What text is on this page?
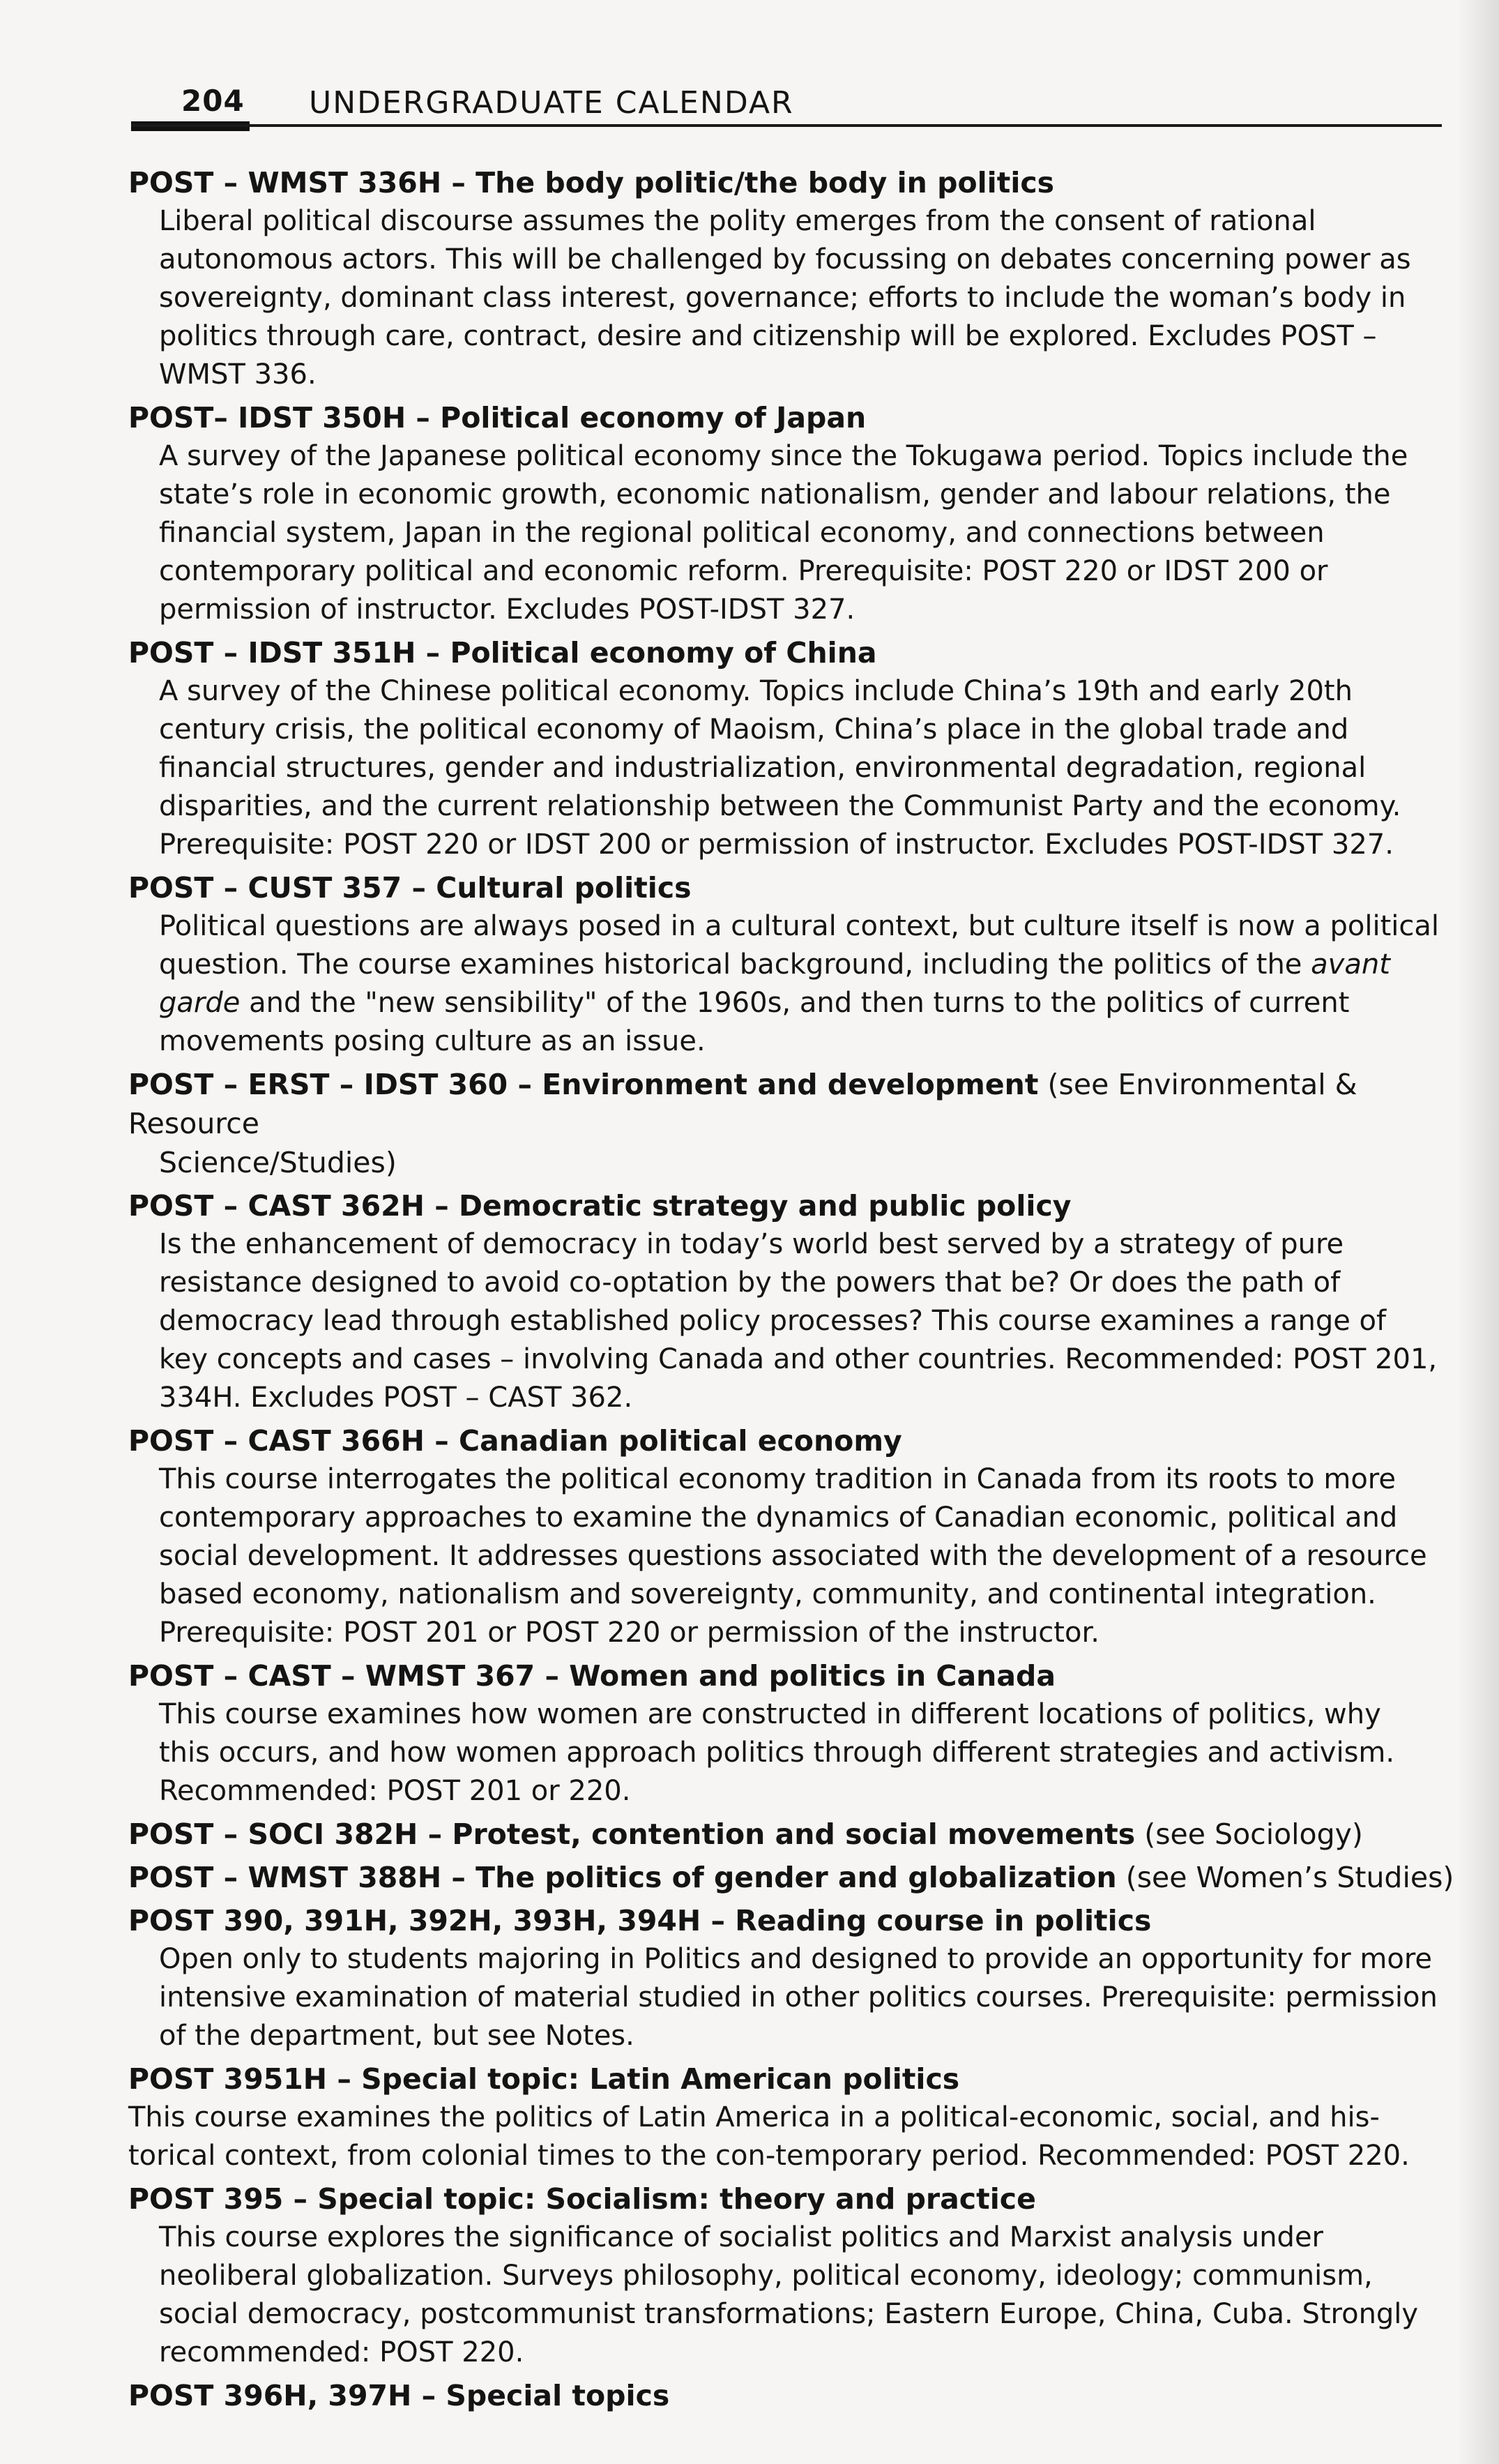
204 UNDERGRADUATE CALENDAR
POST – WMST 336H – The body politic/the body in politics
Liberal political discourse assumes the polity emerges from the consent of rational autonomous actors. This will be challenged by focussing on debates concerning power as sovereignty, dominant class interest, governance; efforts to include the woman’s body in politics through care, contract, desire and citizenship will be explored. Excludes POST – WMST 336.
POST– IDST 350H – Political economy of Japan
A survey of the Japanese political economy since the Tokugawa period. Topics include the state’s role in economic growth, economic nationalism, gender and labour relations, the financial system, Japan in the regional political economy, and connections between contemporary political and economic reform. Prerequisite: POST 220 or IDST 200 or permission of instructor. Excludes POST-IDST 327.
POST – IDST 351H – Political economy of China
A survey of the Chinese political economy. Topics include China’s 19th and early 20th century crisis, the political economy of Maoism, China’s place in the global trade and financial structures, gender and industrialization, environmental degradation, regional disparities, and the current relationship between the Communist Party and the economy. Prerequisite: POST 220 or IDST 200 or permission of instructor. Excludes POST-IDST 327.
POST – CUST 357 – Cultural politics
Political questions are always posed in a cultural context, but culture itself is now a political question. The course examines historical background, including the politics of the avant garde and the "new sensibility" of the 1960s, and then turns to the politics of current movements posing culture as an issue.
POST – ERST – IDST 360 – Environment and development (see Environmental & Resource
Science/Studies)
POST – CAST 362H – Democratic strategy and public policy
Is the enhancement of democracy in today’s world best served by a strategy of pure resistance designed to avoid co-optation by the powers that be? Or does the path of democracy lead through established policy processes? This course examines a range of key concepts and cases – involving Canada and other countries. Recommended: POST 201, 334H. Excludes POST – CAST 362.
POST – CAST 366H – Canadian political economy
This course interrogates the political economy tradition in Canada from its roots to more contemporary approaches to examine the dynamics of Canadian economic, political and social development. It addresses questions associated with the development of a resource based economy, nationalism and sovereignty, community, and continental integration. Prerequisite: POST 201 or POST 220 or permission of the instructor.
POST – CAST – WMST 367 – Women and politics in Canada
This course examines how women are constructed in different locations of politics, why this occurs, and how women approach politics through different strategies and activism. Recommended: POST 201 or 220.
POST – SOCI 382H – Protest, contention and social movements (see Sociology)
POST – WMST 388H – The politics of gender and globalization (see Women’s Studies)
POST 390, 391H, 392H, 393H, 394H – Reading course in politics
Open only to students majoring in Politics and designed to provide an opportunity for more intensive examination of material studied in other politics courses. Prerequisite: permission of the department, but see Notes.
POST 3951H – Special topic: Latin American politics
This course examines the politics of Latin America in a political-economic, social, and his-torical context, from colonial times to the con-temporary period. Recommended: POST 220.
POST 395 – Special topic: Socialism: theory and practice
This course explores the significance of socialist politics and Marxist analysis under neoliberal globalization. Surveys philosophy, political economy, ideology; communism, social democracy, postcommunist transformations; Eastern Europe, China, Cuba. Strongly recommended: POST 220.
POST 396H, 397H – Special topics
